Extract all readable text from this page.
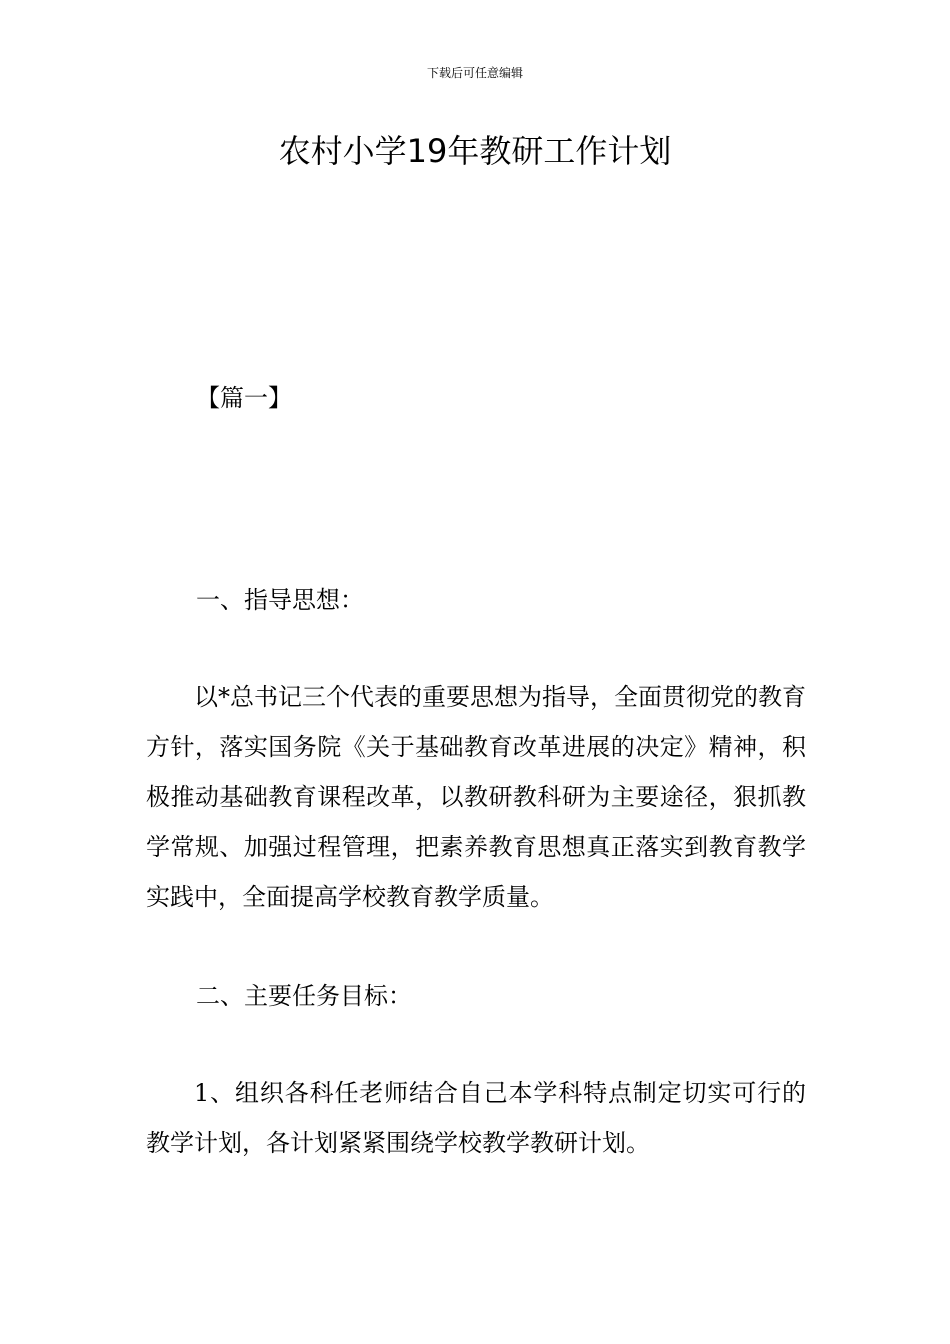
下载后可任意编辑
农村小学19年教研工作计划
【篇一】
一、指导思想：

以*总书记三个代表的重要思想为指导，全面贯彻党的教育方针，落实国务院《关于基础教育改革进展的决定》精神，积极推动基础教育课程改革，以教研教科研为主要途径，狠抓教学常规、加强过程管理，把素养教育思想真正落实到教育教学实践中，全面提高学校教育教学质量。

二、主要任务目标：

1、组织各科任老师结合自己本学科特点制定切实可行的教学计划，各计划紧紧围绕学校教学教研计划。
